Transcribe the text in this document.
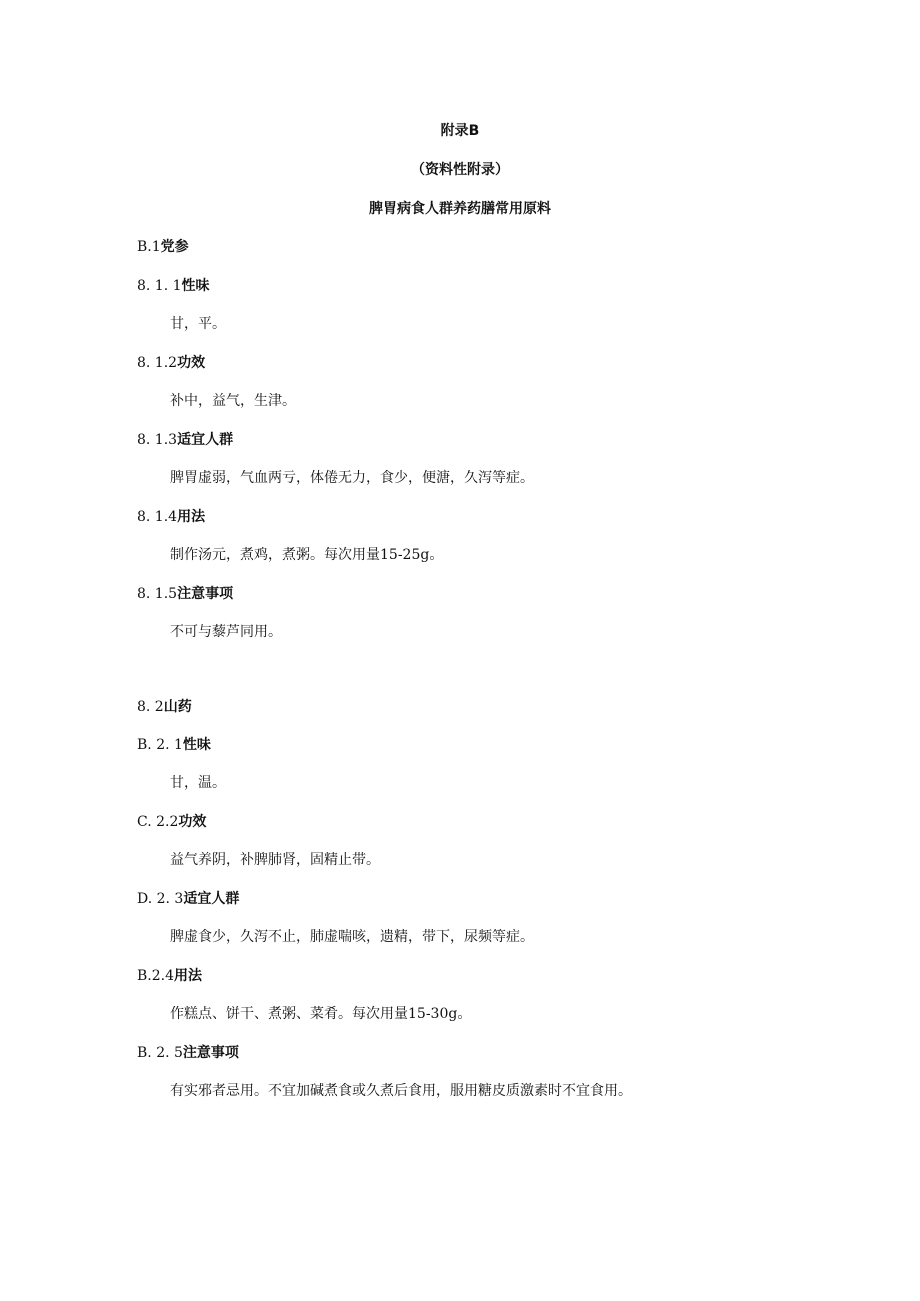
附录B
（资料性附录）
脾胃病食人群养药膳常用原料
B.1党参
8. 1. 1性味
甘，平。
8. 1.2功效
补中，益气，生津。
8. 1.3适宜人群
脾胃虚弱，气血两亏，体倦无力，食少，便溏，久泻等症。
8. 1.4用法
制作汤元，煮鸡，煮粥。每次用量15-25g。
8. 1.5注意事项
不可与藜芦同用。
8. 2山药
B. 2. 1性味
甘，温。
C. 2.2功效
益气养阴，补脾肺肾，固精止带。
D. 2. 3适宜人群
脾虚食少，久泻不止，肺虚喘咳，遗精，带下，尿频等症。
B.2.4用法
作糕点、饼干、煮粥、菜肴。每次用量15-30g。
B. 2. 5注意事项
有实邪者忌用。不宜加碱煮食或久煮后食用，服用糖皮质激素时不宜食用。
